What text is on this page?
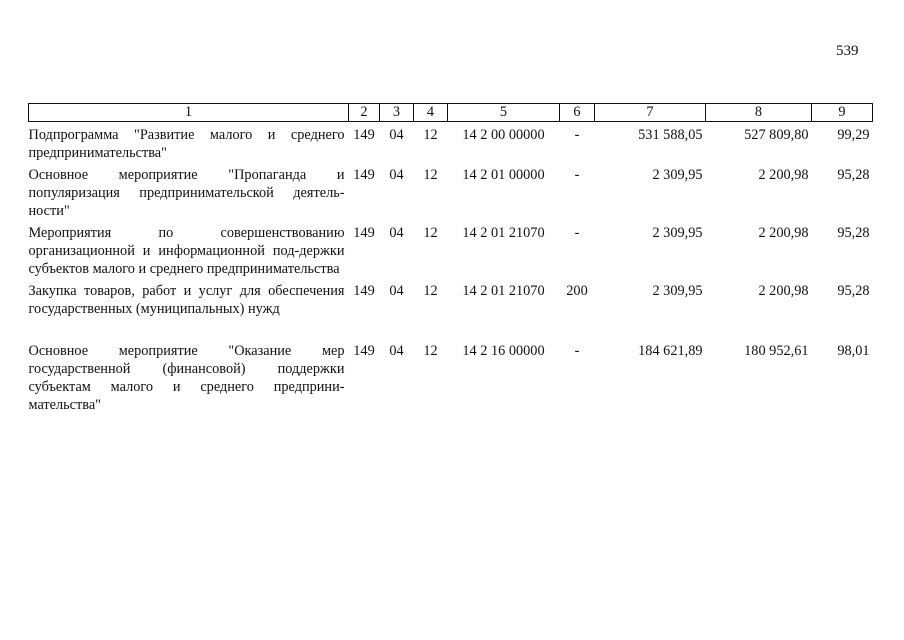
539
1	2	3	4	5	6	7	8	9
Подпрограмма "Развитие малого и среднего предпринимательства"	149	04	12	14 2 00 00000	-	531 588,05	527 809,80	99,29
Основное мероприятие "Пропаганда и популяризация предпринимательской деятель-ности"	149	04	12	14 2 01 00000	-	2 309,95	2 200,98	95,28
Мероприятия по совершенствованию организационной и информационной под-держки субъектов малого и среднего предпринимательства	149	04	12	14 2 01 21070	-	2 309,95	2 200,98	95,28
Закупка товаров, работ и услуг для обеспечения государственных (муниципальных) нужд	149	04	12	14 2 01 21070	200	2 309,95	2 200,98	95,28
Основное мероприятие "Оказание мер государственной (финансовой) поддержки субъектам малого и среднего предприни-мательства"	149	04	12	14 2 16 00000	-	184 621,89	180 952,61	98,01
